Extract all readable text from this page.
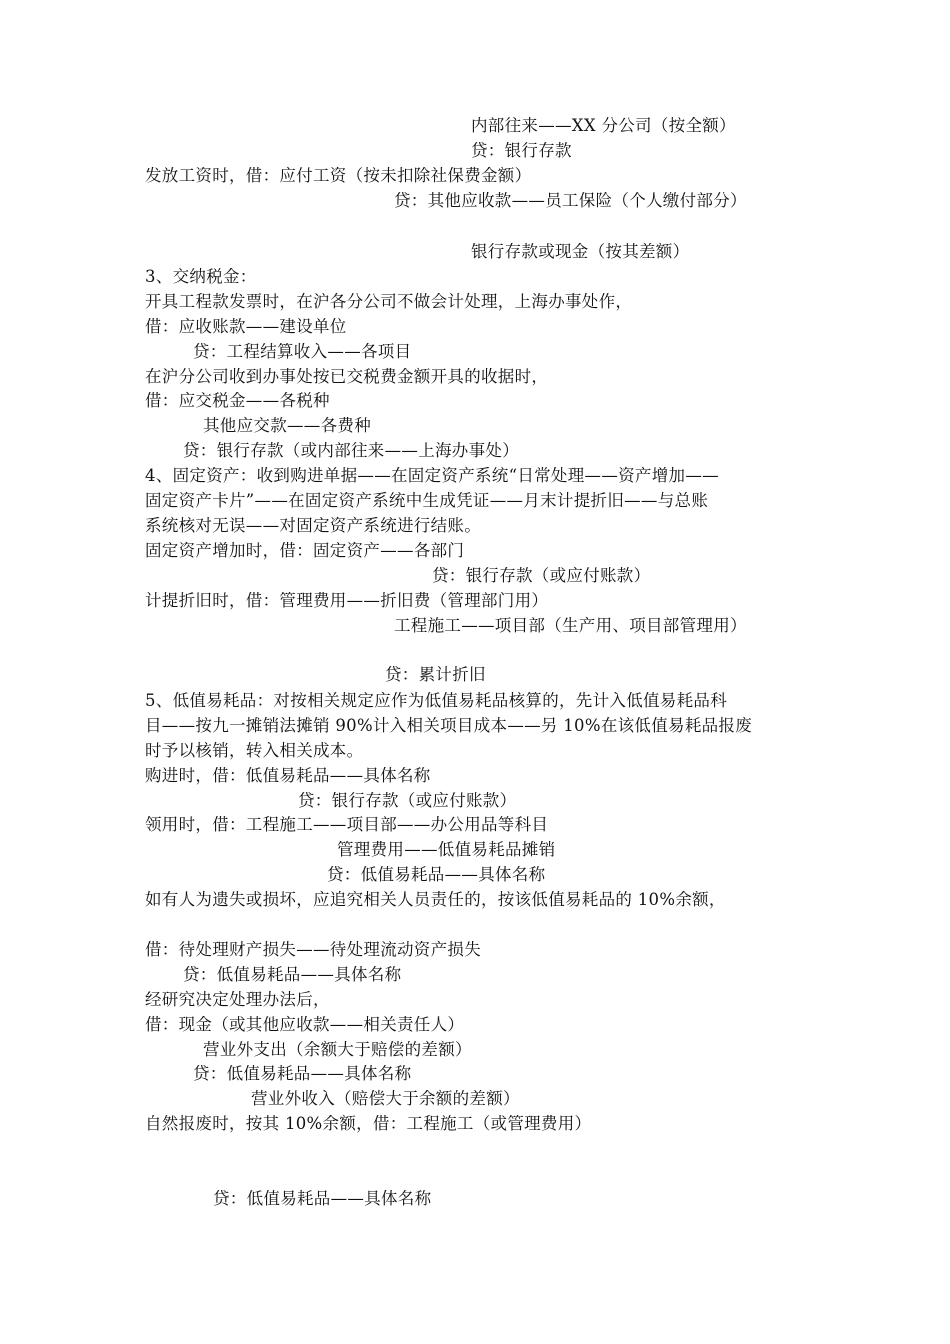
内部往来——XX 分公司（按全额）
贷：银行存款
发放工资时，借：应付工资（按未扣除社保费金额）
贷：其他应收款——员工保险（个人缴付部分）
银行存款或现金（按其差额）
3、交纳税金：
开具工程款发票时，在沪各分公司不做会计处理，上海办事处作，
借：应收账款——建设单位
贷：工程结算收入——各项目
在沪分公司收到办事处按已交税费金额开具的收据时，
借：应交税金——各税种
其他应交款——各费种
贷：银行存款（或内部往来——上海办事处）
4、固定资产：收到购进单据——在固定资产系统“日常处理——资产增加——
固定资产卡片”——在固定资产系统中生成凭证——月末计提折旧——与总账
系统核对无误——对固定资产系统进行结账。
固定资产增加时，借：固定资产——各部门
贷：银行存款（或应付账款）
计提折旧时，借：管理费用——折旧费（管理部门用）
工程施工——项目部（生产用、项目部管理用）
贷：累计折旧
5、低值易耗品：对按相关规定应作为低值易耗品核算的，先计入低值易耗品科
目——按九一摊销法摊销 90%计入相关项目成本——另 10%在该低值易耗品报废
时予以核销，转入相关成本。
购进时，借：低值易耗品——具体名称
贷：银行存款（或应付账款）
领用时，借：工程施工——项目部——办公用品等科目
管理费用——低值易耗品摊销
贷：低值易耗品——具体名称
如有人为遗失或损坏，应追究相关人员责任的，按该低值易耗品的 10%余额，
借：待处理财产损失——待处理流动资产损失
贷：低值易耗品——具体名称
经研究决定处理办法后，
借：现金（或其他应收款——相关责任人）
营业外支出（余额大于赔偿的差额）
贷：低值易耗品——具体名称
营业外收入（赔偿大于余额的差额）
自然报废时，按其 10%余额，借：工程施工（或管理费用）
贷：低值易耗品——具体名称
